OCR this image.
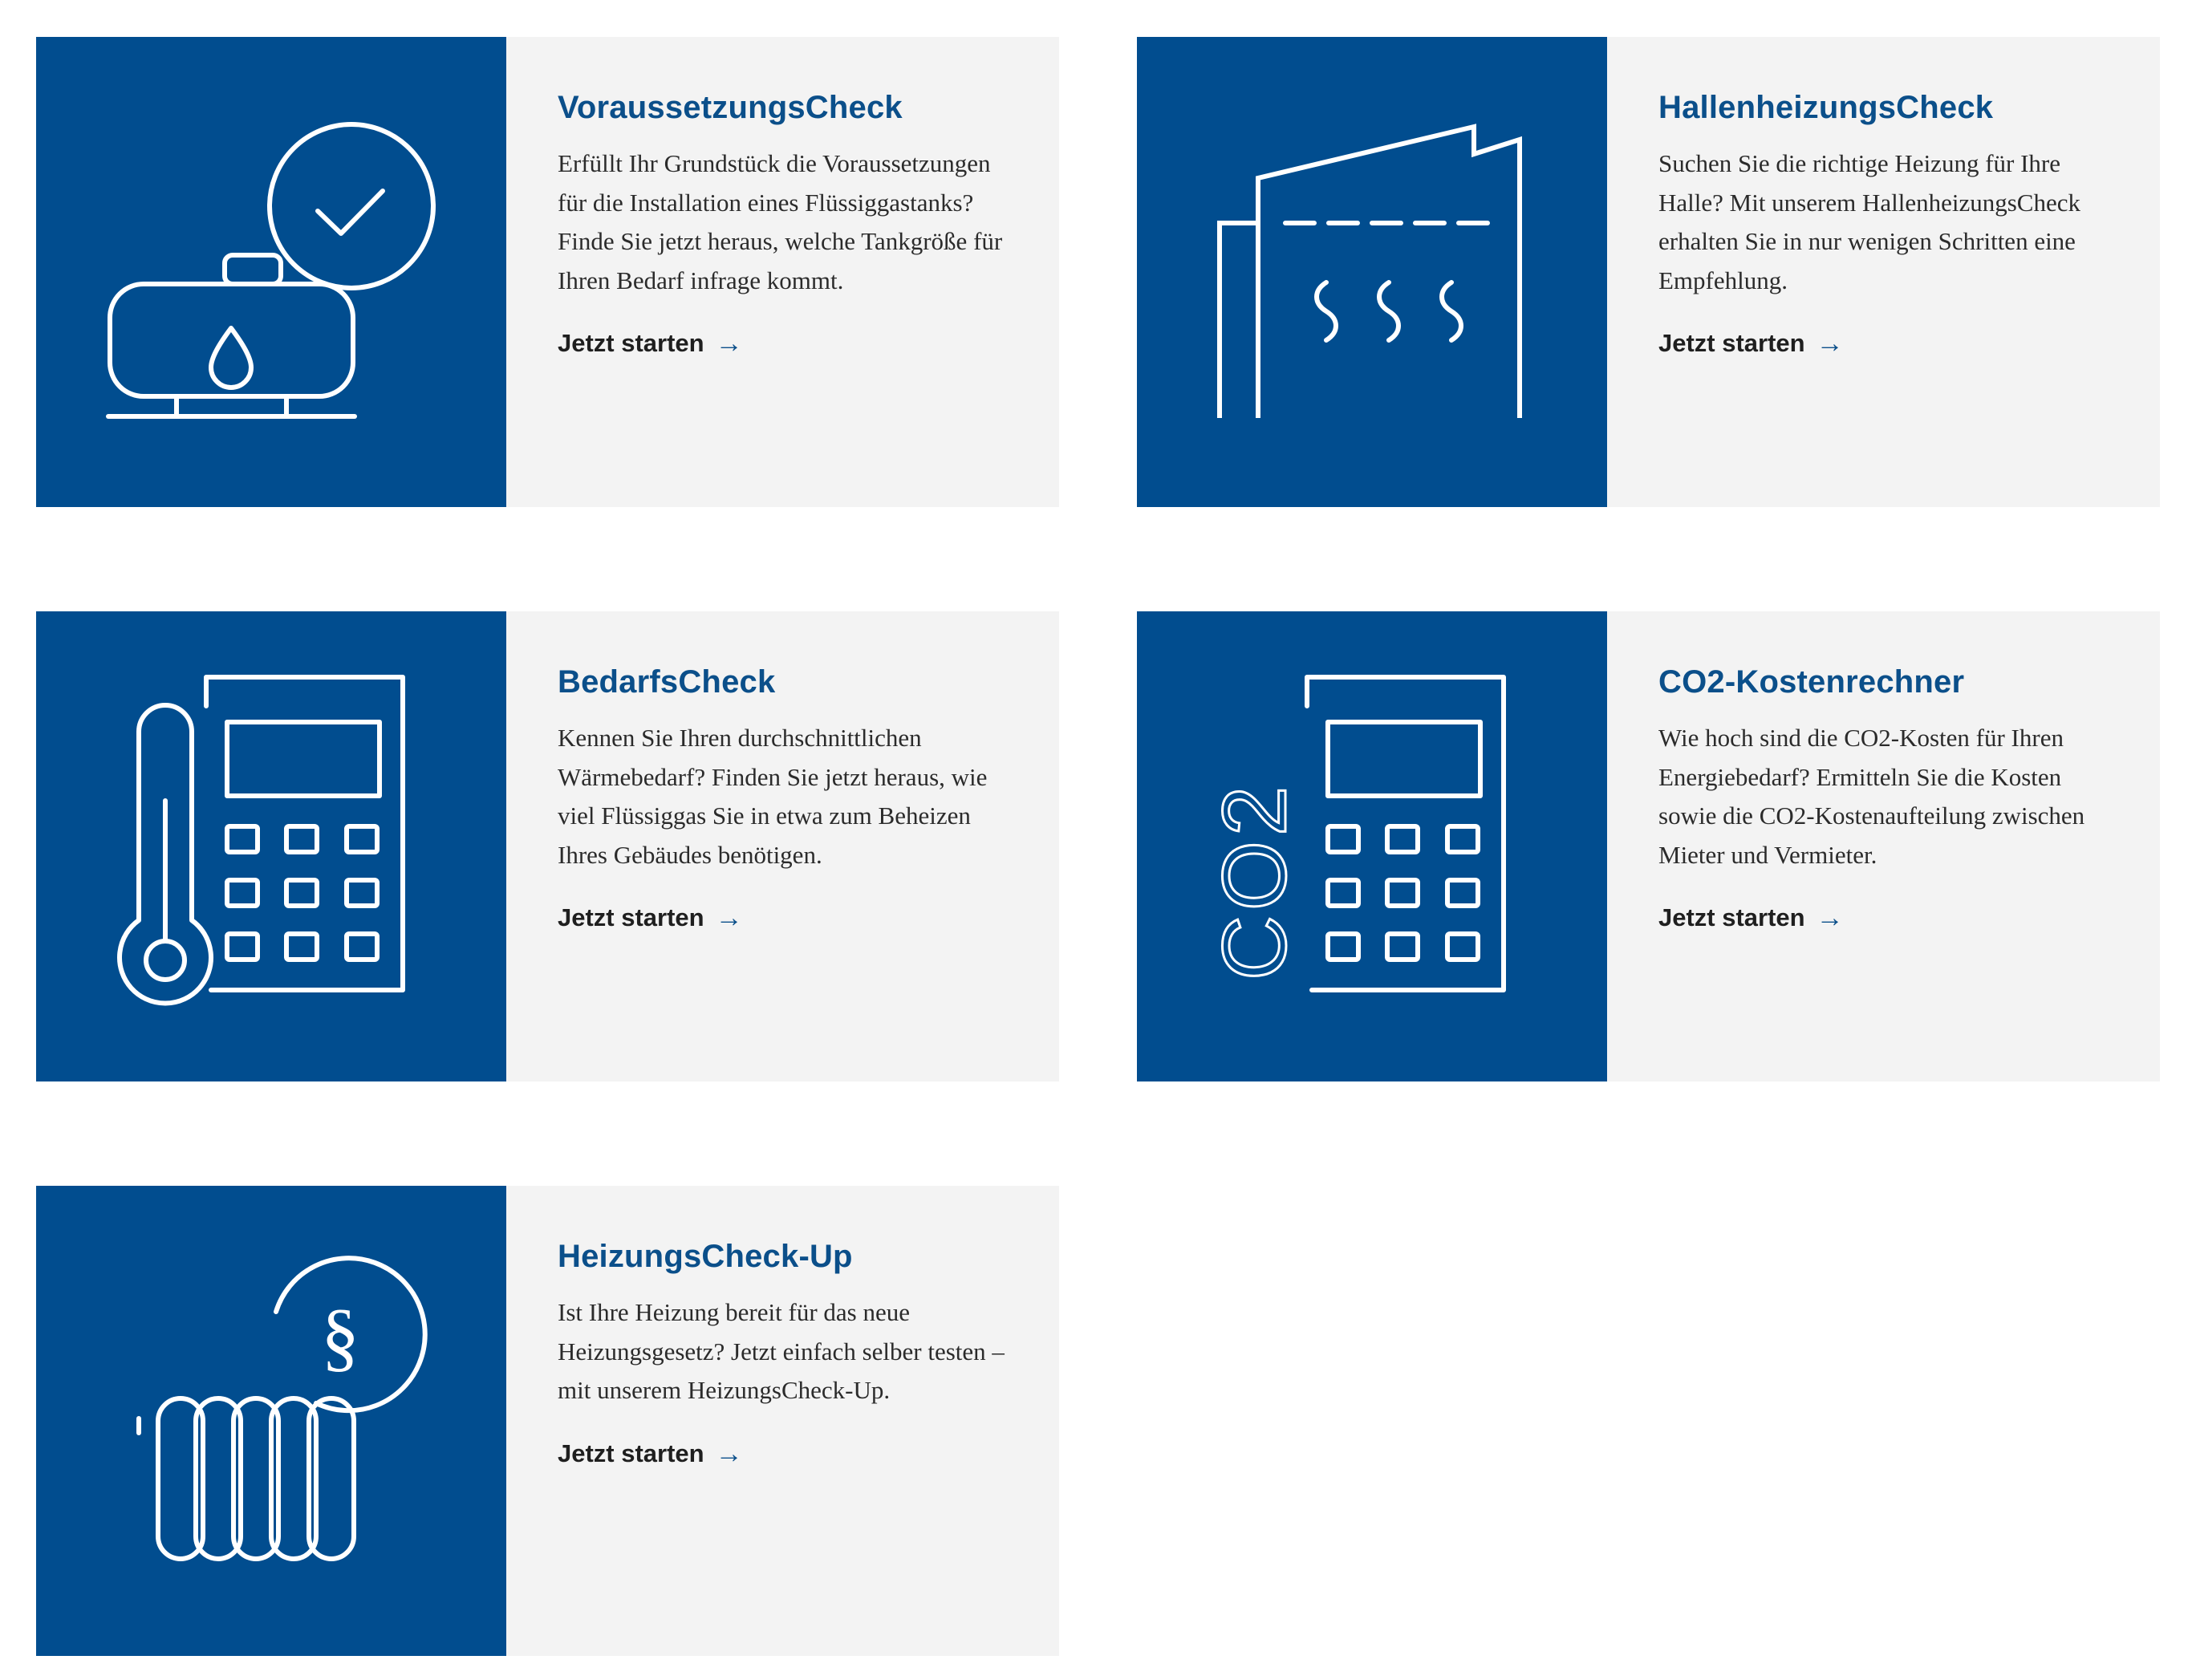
VoraussetzungsCheck

Erfüllt Ihr Grundstück die Voraussetzungen für die Installation eines Flüssiggastanks? Finde Sie jetzt heraus, welche Tankgröße für Ihren Bedarf infrage kommt.

Jetzt starten →
HallenheizungsCheck

Suchen Sie die richtige Heizung für Ihre Halle? Mit unserem HallenheizungsCheck erhalten Sie in nur wenigen Schritten eine Empfehlung.

Jetzt starten →
BedarfsCheck

Kennen Sie Ihren durchschnittlichen Wärmebedarf? Finden Sie jetzt heraus, wie viel Flüssiggas Sie in etwa zum Beheizen Ihres Gebäudes benötigen.

Jetzt starten →	CO2
CO2-Kostenrechner

Wie hoch sind die CO2-Kosten für Ihren Energiebedarf? Ermitteln Sie die Kosten sowie die CO2-Kostenaufteilung zwischen Mieter und Vermieter.

Jetzt starten →
§
HeizungsCheck-Up

Ist Ihre Heizung bereit für das neue Heizungsgesetz? Jetzt einfach selber testen – mit unserem HeizungsCheck-Up.

Jetzt starten →
